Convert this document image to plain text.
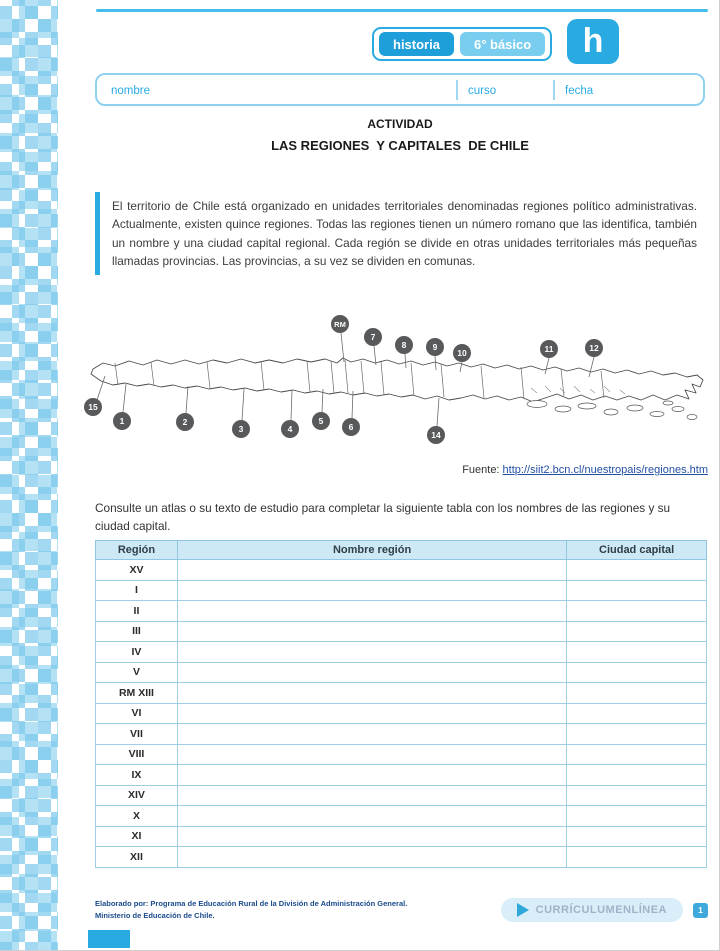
historia	6° básico	h
nombre	curso	fecha
ACTIVIDAD
LAS REGIONES  Y CAPITALES  DE CHILE
El territorio de Chile está organizado en unidades territoriales denominadas regiones político administrativas. Actualmente, existen quince regiones. Todas las regiones tienen un número romano que las identifica, también un nombre y una ciudad capital regional. Cada región se divide en otras unidades territoriales más pequeñas llamadas provincias. Las provincias, a su vez se dividen en comunas.
RM
7
8	9
10	11	12
15
1	2
3	4
5
6
14
Fuente: http://siit2.bcn.cl/nuestropais/regiones.htm
Consulte un atlas o su texto de estudio para completar la siguiente tabla con los nombres de las regiones y su ciudad capital.
Región	Nombre región	Ciudad capital
XV		
I		
II		
III		
IV		
V		
RM XIII		
VI		
VII		
VIII		
IX		
XIV		
X		
XI		
XII		
Elaborado por: Programa de Educación Rural de la División de Administración General. Ministerio de Educación de Chile.	CURRÍCULUMENLÍNEA	1
